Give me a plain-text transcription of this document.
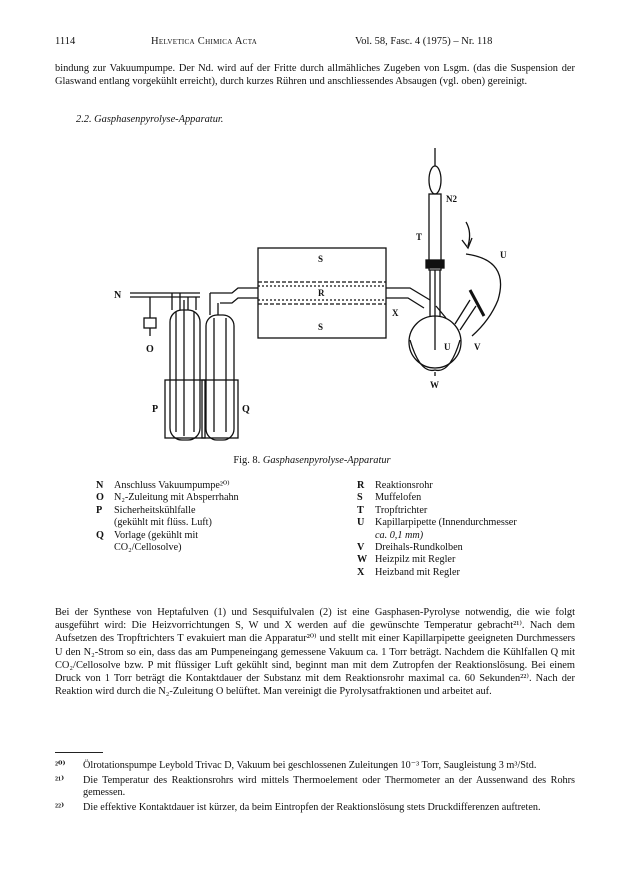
1114	Helvetica Chimica Acta	Vol. 58, Fasc. 4 (1975) – Nr. 118

bindung zur Vakuumpumpe. Der Nd. wird auf der Fritte durch allmähliches Zugeben von Lsgm. (das die Suspension der Glaswand entlang vorgekühlt erreicht), durch kurzes Rühren und anschliessendes Absaugen (vgl. oben) gereinigt.

2.2. Gasphasenpyrolyse-Apparatur.
N
O
P	Q
S
R
S
T
N2
U
X
U	V
W
Fig. 8. Gasphasenpyrolyse-Apparatur
N	Anschluss Vakuumpumpe²⁰⁾
O N₂-Zuleitung mit Absperrhahn
P	Sicherheitskühlfalle
(gekühlt mit flüss. Luft)
Q Vorlage (gekühlt mit
CO₂/Cellosolve)
R	Reaktionsrohr
S	Muffelofen
T	Tropftrichter
U	Kapillarpipette (Innendurchmesser
ca. 0,1 mm)
V	Dreihals-Rundkolben
W Heizpilz mit Regler
X	Heizband mit Regler

Bei der Synthese von Heptafulven (1) und Sesquifulvalen (2) ist eine Gasphasen-Pyrolyse notwendig, die wie folgt ausgeführt wird: Die Heizvorrichtungen S, W und X werden auf die gewünschte Temperatur gebracht²¹⁾. Nach dem Aufsetzen des Tropftrichters T evakuiert man die Apparatur²⁰⁾ und stellt mit einer Kapillarpipette geeigneten Durchmessers U den N₂-Strom so ein, dass das am Pumpeneingang gemessene Vakuum ca. 1 Torr beträgt. Nachdem die Kühlfallen Q mit CO₂/Cellosolve bzw. P mit flüssiger Luft gekühlt sind, beginnt man mit dem Zutropfen der Reaktionslösung. Bei einem Druck von 1 Torr beträgt die Kontaktdauer der Substanz mit dem Reaktionsrohr maximal ca. 60 Sekunden²²⁾. Nach der Reaktion wird durch die N₂-Zuleitung O belüftet. Man vereinigt die Pyrolysatfraktionen und arbeitet auf.

²⁰⁾	Ölrotationspumpe Leybold Trivac D, Vakuum bei geschlossenen Zuleitungen 10⁻³ Torr, Saugleistung 3 m³/Std.
²¹⁾	Die Temperatur des Reaktionsrohrs wird mittels Thermoelement oder Thermometer an der Aussenwand des Rohrs gemessen.
²²⁾	Die effektive Kontaktdauer ist kürzer, da beim Eintropfen der Reaktionslösung stets Druckdifferenzen auftreten.
